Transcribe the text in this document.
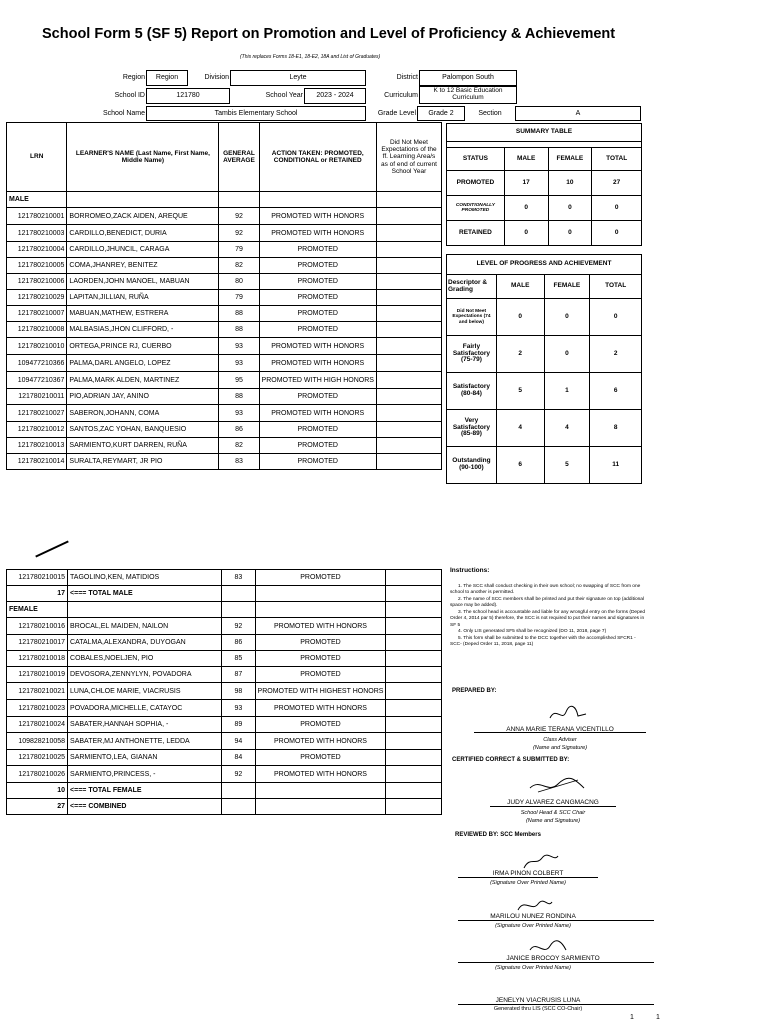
School Form 5 (SF 5) Report on Promotion and Level of Proficiency & Achievement
(This replaces Forms 18-E1, 18-E2, 18A and List of Graduates)
Region	Region	Division	Leyte	District	Palompon South
School ID	121780	School Year	2023 - 2024	Curriculum
K to 12 Basic Education Curriculum
School Name	Tambis Elementary School	Grade Level	Grade 2	Section	A
LRN	LEARNER'S NAME (Last Name, First Name, Middle Name)	GENERAL AVERAGE	ACTION TAKEN: PROMOTED, CONDITIONAL or RETAINED	Did Not Meet Expectations of the ff. Learning Area/s as of end of current School Year
MALE				
121780210001	BORROMEO,ZACK AIDEN, AREQUE	92	PROMOTED WITH HONORS	
121780210003	CARDILLO,BENEDICT, DURIA	92	PROMOTED WITH HONORS	
121780210004	CARDILLO,JHUNCIL, CARAGA	79	PROMOTED	
121780210005	COMA,JHANREY, BENITEZ	82	PROMOTED	
121780210006	LAORDEN,JOHN MANOEL, MABUAN	80	PROMOTED	
121780210029	LAPITAN,JILLIAN, RUÑA	79	PROMOTED	
121780210007	MABUAN,MATHEW, ESTRERA	88	PROMOTED	
121780210008	MALBASIAS,JHON CLIFFORD, -	88	PROMOTED	
121780210010	ORTEGA,PRINCE RJ, CUERBO	93	PROMOTED WITH HONORS	
109477210366	PALMA,DARL ANGELO, LOPEZ	93	PROMOTED WITH HONORS	
109477210367	PALMA,MARK ALDEN, MARTINEZ	95	PROMOTED WITH HIGH HONORS	
121780210011	PIO,ADRIAN JAY, ANINO	88	PROMOTED	
121780210027	SABERON,JOHANN, COMA	93	PROMOTED WITH HONORS	
121780210012	SANTOS,ZAC YOHAN, BANQUESIO	86	PROMOTED	
121780210013	SARMIENTO,KURT DARREN, RUÑA	82	PROMOTED	
121780210014	SURALTA,REYMART, JR PIO	83	PROMOTED	
SUMMARY TABLE			

STATUS	MALE	FEMALE	TOTAL
PROMOTED	17	10	27
CONDITIONALLY PROMOTED	0	0	0
RETAINED	0	0	0
LEVEL OF PROGRESS AND ACHIEVEMENT			
Descriptor & Grading	MALE	FEMALE	TOTAL
Did Not Meet Expectations (74 and below)	0	0	0
Fairly Satisfactory (75-79)	2	0	2
Satisfactory (80-84)	5	1	6
Very Satisfactory (85-89)	4	4	8
Outstanding (90-100)	6	5	11
121780210015	TAGOLINO,KEN, MATIDIOS	83	PROMOTED	
17	<=== TOTAL MALE			
FEMALE				
121780210016	BROCAL,EL MAIDEN, NAILON	92	PROMOTED WITH HONORS	
121780210017	CATALMA,ALEXANDRA, DUYOGAN	86	PROMOTED	
121780210018	COBALES,NOELJEN, PIO	85	PROMOTED	
121780210019	DEVOSORA,ZENNYLYN, POVADORA	87	PROMOTED	
121780210021	LUNA,CHLOE MARIE, VIACRUSIS	98	PROMOTED WITH HIGHEST HONORS	
121780210023	POVADORA,MICHELLE, CATAYOC	93	PROMOTED WITH HONORS	
121780210024	SABATER,HANNAH SOPHIA, -	89	PROMOTED	
109828210058	SABATER,MJ ANTHONETTE, LEDDA	94	PROMOTED WITH HONORS	
121780210025	SARMIENTO,LEA, GIANAN	84	PROMOTED	
121780210026	SARMIENTO,PRINCESS, -	92	PROMOTED WITH HONORS	
10	<=== TOTAL FEMALE			
27	<=== COMBINED			
Instructions:
1. The SCC shall conduct checking in their own school; no swapping of SCC from one school to another is permitted.
2. The name of SCC members shall be printed and put their signature on top (additional space may be added).
3. The school head is accountable and liable for any wrongful entry on the forms (Deped Order 4, 2014 par 5) therefore, the SCC is not required to put their names and signatures in SF 5
4. Only LIS generated SF5 shall be recognized (DO 11, 2018, page 7)
5. This form shall be submitted to the DCC together with the accomplished SFCR1 - SCC- (Deped Order 11, 2018, page 11)
PREPARED BY:
ANNA MARIE TERANA VICENTILLO
Class Adviser
(Name and Signature)
CERTIFIED CORRECT & SUBMITTED BY:
JUDY ALVAREZ CANGMACNG
School Head & SCC Chair
(Name and Signature)
REVIEWED BY: SCC Members
IRMA PINON COLBERT
(Signature Over Printed Name)
MARILOU NUNEZ RONDINA
(Signature Over Printed Name)
JANICE BROCOY SARMIENTO
(Signature Over Printed Name)
JENELYN VIACRUSIS LUNA
Generated thru LIS (SCC CO-Chair)
1	1
